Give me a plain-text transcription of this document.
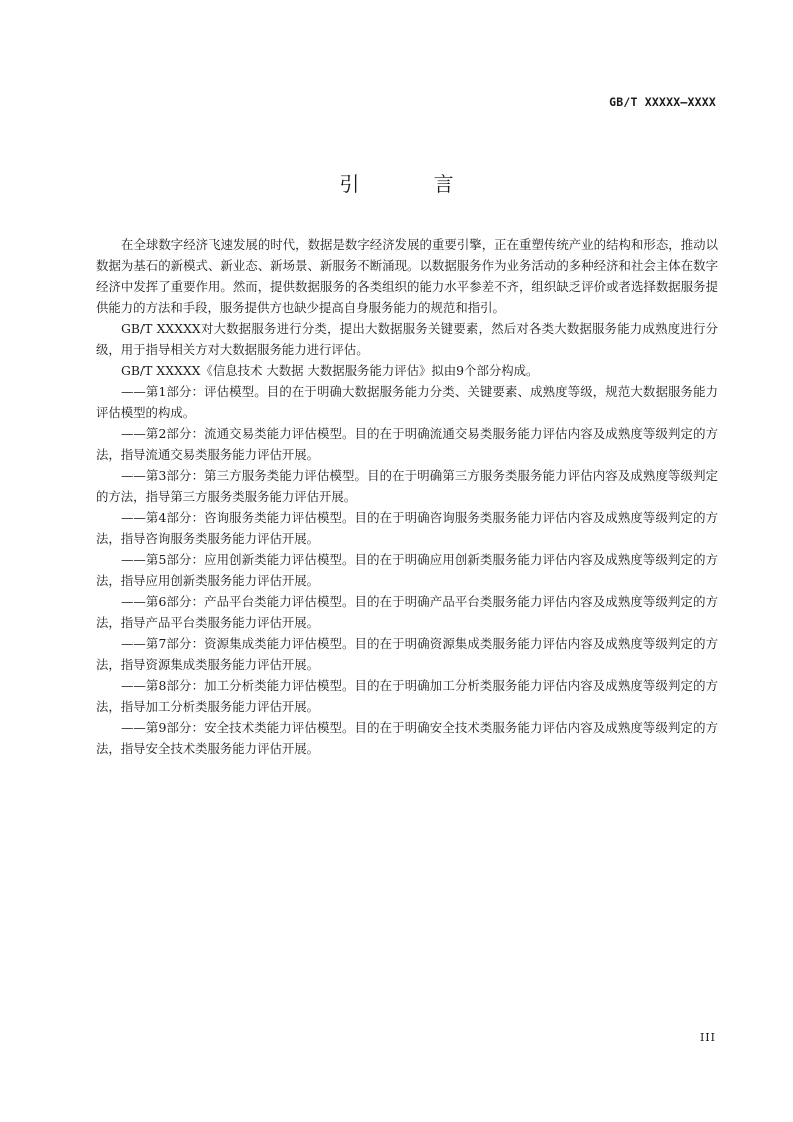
GB/T XXXXX—XXXX
引 言

在全球数字经济飞速发展的时代，数据是数字经济发展的重要引擎，正在重塑传统产业的结构和形态，推动以数据为基石的新模式、新业态、新场景、新服务不断涌现。以数据服务作为业务活动的多种经济和社会主体在数字经济中发挥了重要作用。然而，提供数据服务的各类组织的能力水平参差不齐，组织缺乏评价或者选择数据服务提供能力的方法和手段，服务提供方也缺少提高自身服务能力的规范和指引。

GB/T XXXXX对大数据服务进行分类，提出大数据服务关键要素，然后对各类大数据服务能力成熟度进行分级，用于指导相关方对大数据服务能力进行评估。

GB/T XXXXX《信息技术 大数据 大数据服务能力评估》拟由9个部分构成。

——第1部分：评估模型。目的在于明确大数据服务能力分类、关键要素、成熟度等级，规范大数据服务能力评估模型的构成。

——第2部分：流通交易类能力评估模型。目的在于明确流通交易类服务能力评估内容及成熟度等级判定的方法，指导流通交易类服务能力评估开展。

——第3部分：第三方服务类能力评估模型。目的在于明确第三方服务类服务能力评估内容及成熟度等级判定的方法，指导第三方服务类服务能力评估开展。

——第4部分：咨询服务类能力评估模型。目的在于明确咨询服务类服务能力评估内容及成熟度等级判定的方法，指导咨询服务类服务能力评估开展。

——第5部分：应用创新类能力评估模型。目的在于明确应用创新类服务能力评估内容及成熟度等级判定的方法，指导应用创新类服务能力评估开展。

——第6部分：产品平台类能力评估模型。目的在于明确产品平台类服务能力评估内容及成熟度等级判定的方法，指导产品平台类服务能力评估开展。

——第7部分：资源集成类能力评估模型。目的在于明确资源集成类服务能力评估内容及成熟度等级判定的方法，指导资源集成类服务能力评估开展。

——第8部分：加工分析类能力评估模型。目的在于明确加工分析类服务能力评估内容及成熟度等级判定的方法，指导加工分析类服务能力评估开展。

——第9部分：安全技术类能力评估模型。目的在于明确安全技术类服务能力评估内容及成熟度等级判定的方法，指导安全技术类服务能力评估开展。

III
